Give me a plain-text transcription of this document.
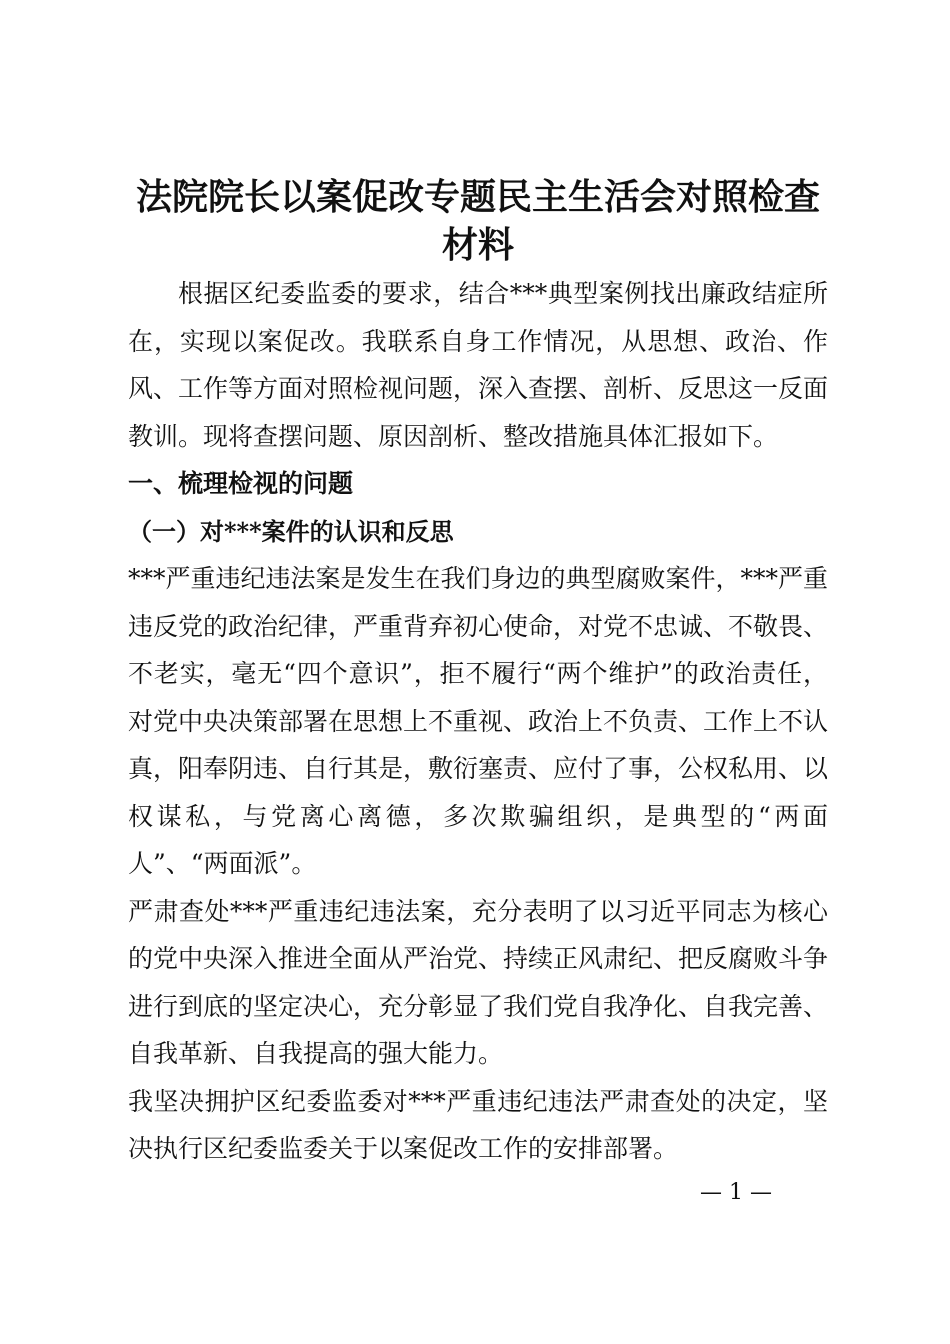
法院院长以案促改专题民主生活会对照检查材料

根据区纪委监委的要求，结合***典型案例找出廉政结症所在，实现以案促改。我联系自身工作情况，从思想、政治、作风、工作等方面对照检视问题，深入查摆、剖析、反思这一反面教训。现将查摆问题、原因剖析、整改措施具体汇报如下。

一、梳理检视的问题
（一）对***案件的认识和反思

***严重违纪违法案是发生在我们身边的典型腐败案件，***严重违反党的政治纪律，严重背弃初心使命，对党不忠诚、不敬畏、不老实，毫无“四个意识”，拒不履行“两个维护”的政治责任，对党中央决策部署在思想上不重视、政治上不负责、工作上不认真，阳奉阴违、自行其是，敷衍塞责、应付了事，公权私用、以权谋私，与党离心离德，多次欺骗组织，是典型的“两面人”、“两面派”。

严肃查处***严重违纪违法案，充分表明了以习近平同志为核心的党中央深入推进全面从严治党、持续正风肃纪、把反腐败斗争进行到底的坚定决心，充分彰显了我们党自我净化、自我完善、自我革新、自我提高的强大能力。

我坚决拥护区纪委监委对***严重违纪违法严肃查处的决定，坚决执行区纪委监委关于以案促改工作的安排部署。

— 1 —
